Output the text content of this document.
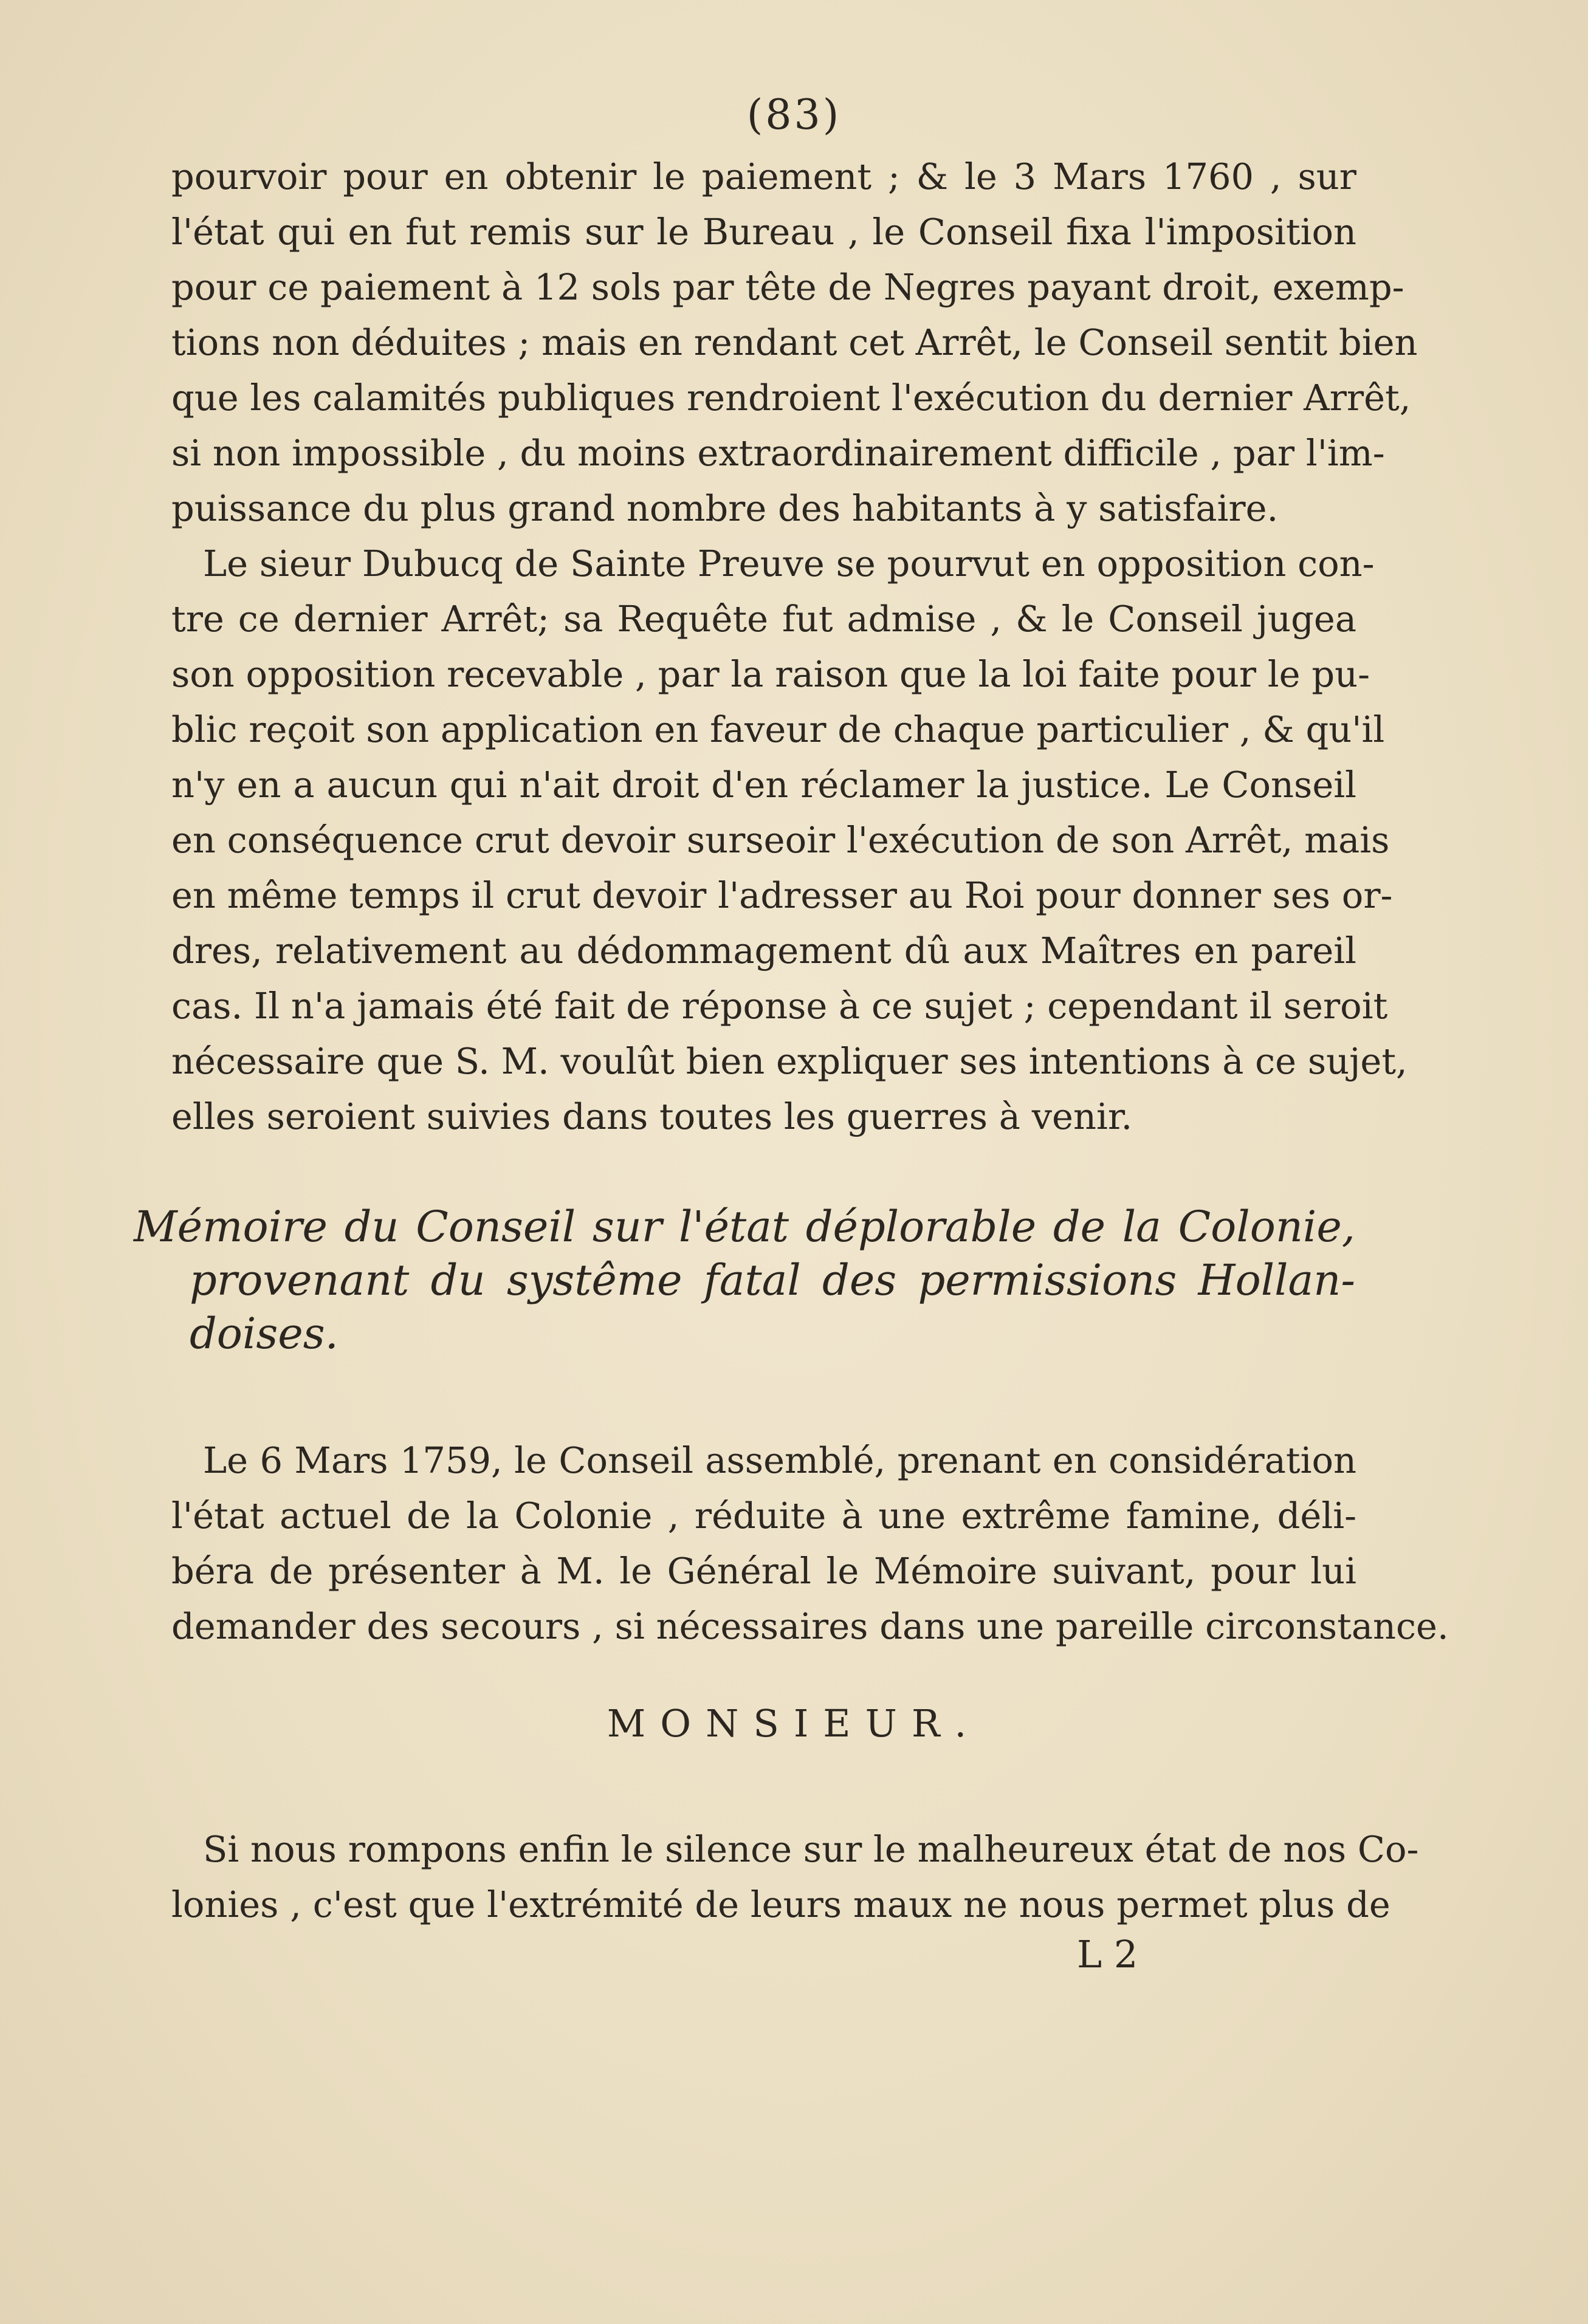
(83)
pourvoir pour en obtenir le paiement ; & le 3 Mars 1760 , sur
l'état qui en fut remis sur le Bureau , le Conseil fixa l'imposition
pour ce paiement à 12 sols par tête de Negres payant droit, exemp-
tions non déduites ; mais en rendant cet Arrêt, le Conseil sentit bien
que les calamités publiques rendroient l'exécution du dernier Arrêt,
si non impossible , du moins extraordinairement difficile , par l'im-
puissance du plus grand nombre des habitants à y satisfaire.
Le sieur Dubucq de Sainte Preuve se pourvut en opposition con-
tre ce dernier Arrêt; sa Requête fut admise , & le Conseil jugea
son opposition recevable , par la raison que la loi faite pour le pu-
blic reçoit son application en faveur de chaque particulier , & qu'il
n'y en a aucun qui n'ait droit d'en réclamer la justice. Le Conseil
en conséquence crut devoir surseoir l'exécution de son Arrêt, mais
en même temps il crut devoir l'adresser au Roi pour donner ses or-
dres, relativement au dédommagement dû aux Maîtres en pareil
cas. Il n'a jamais été fait de réponse à ce sujet ; cependant il seroit
nécessaire que S. M. voulût bien expliquer ses intentions à ce sujet,
elles seroient suivies dans toutes les guerres à venir.
Mémoire du Conseil sur l'état déplorable de la Colonie,
provenant du systême fatal des permissions Hollan-
doises.
Le 6 Mars 1759, le Conseil assemblé, prenant en considération
l'état actuel de la Colonie , réduite à une extrême famine, déli-
béra de présenter à M. le Général le Mémoire suivant, pour lui
demander des secours , si nécessaires dans une pareille circonstance.
MONSIEUR.
Si nous rompons enfin le silence sur le malheureux état de nos Co-
lonies , c'est que l'extrémité de leurs maux ne nous permet plus de
L 2
